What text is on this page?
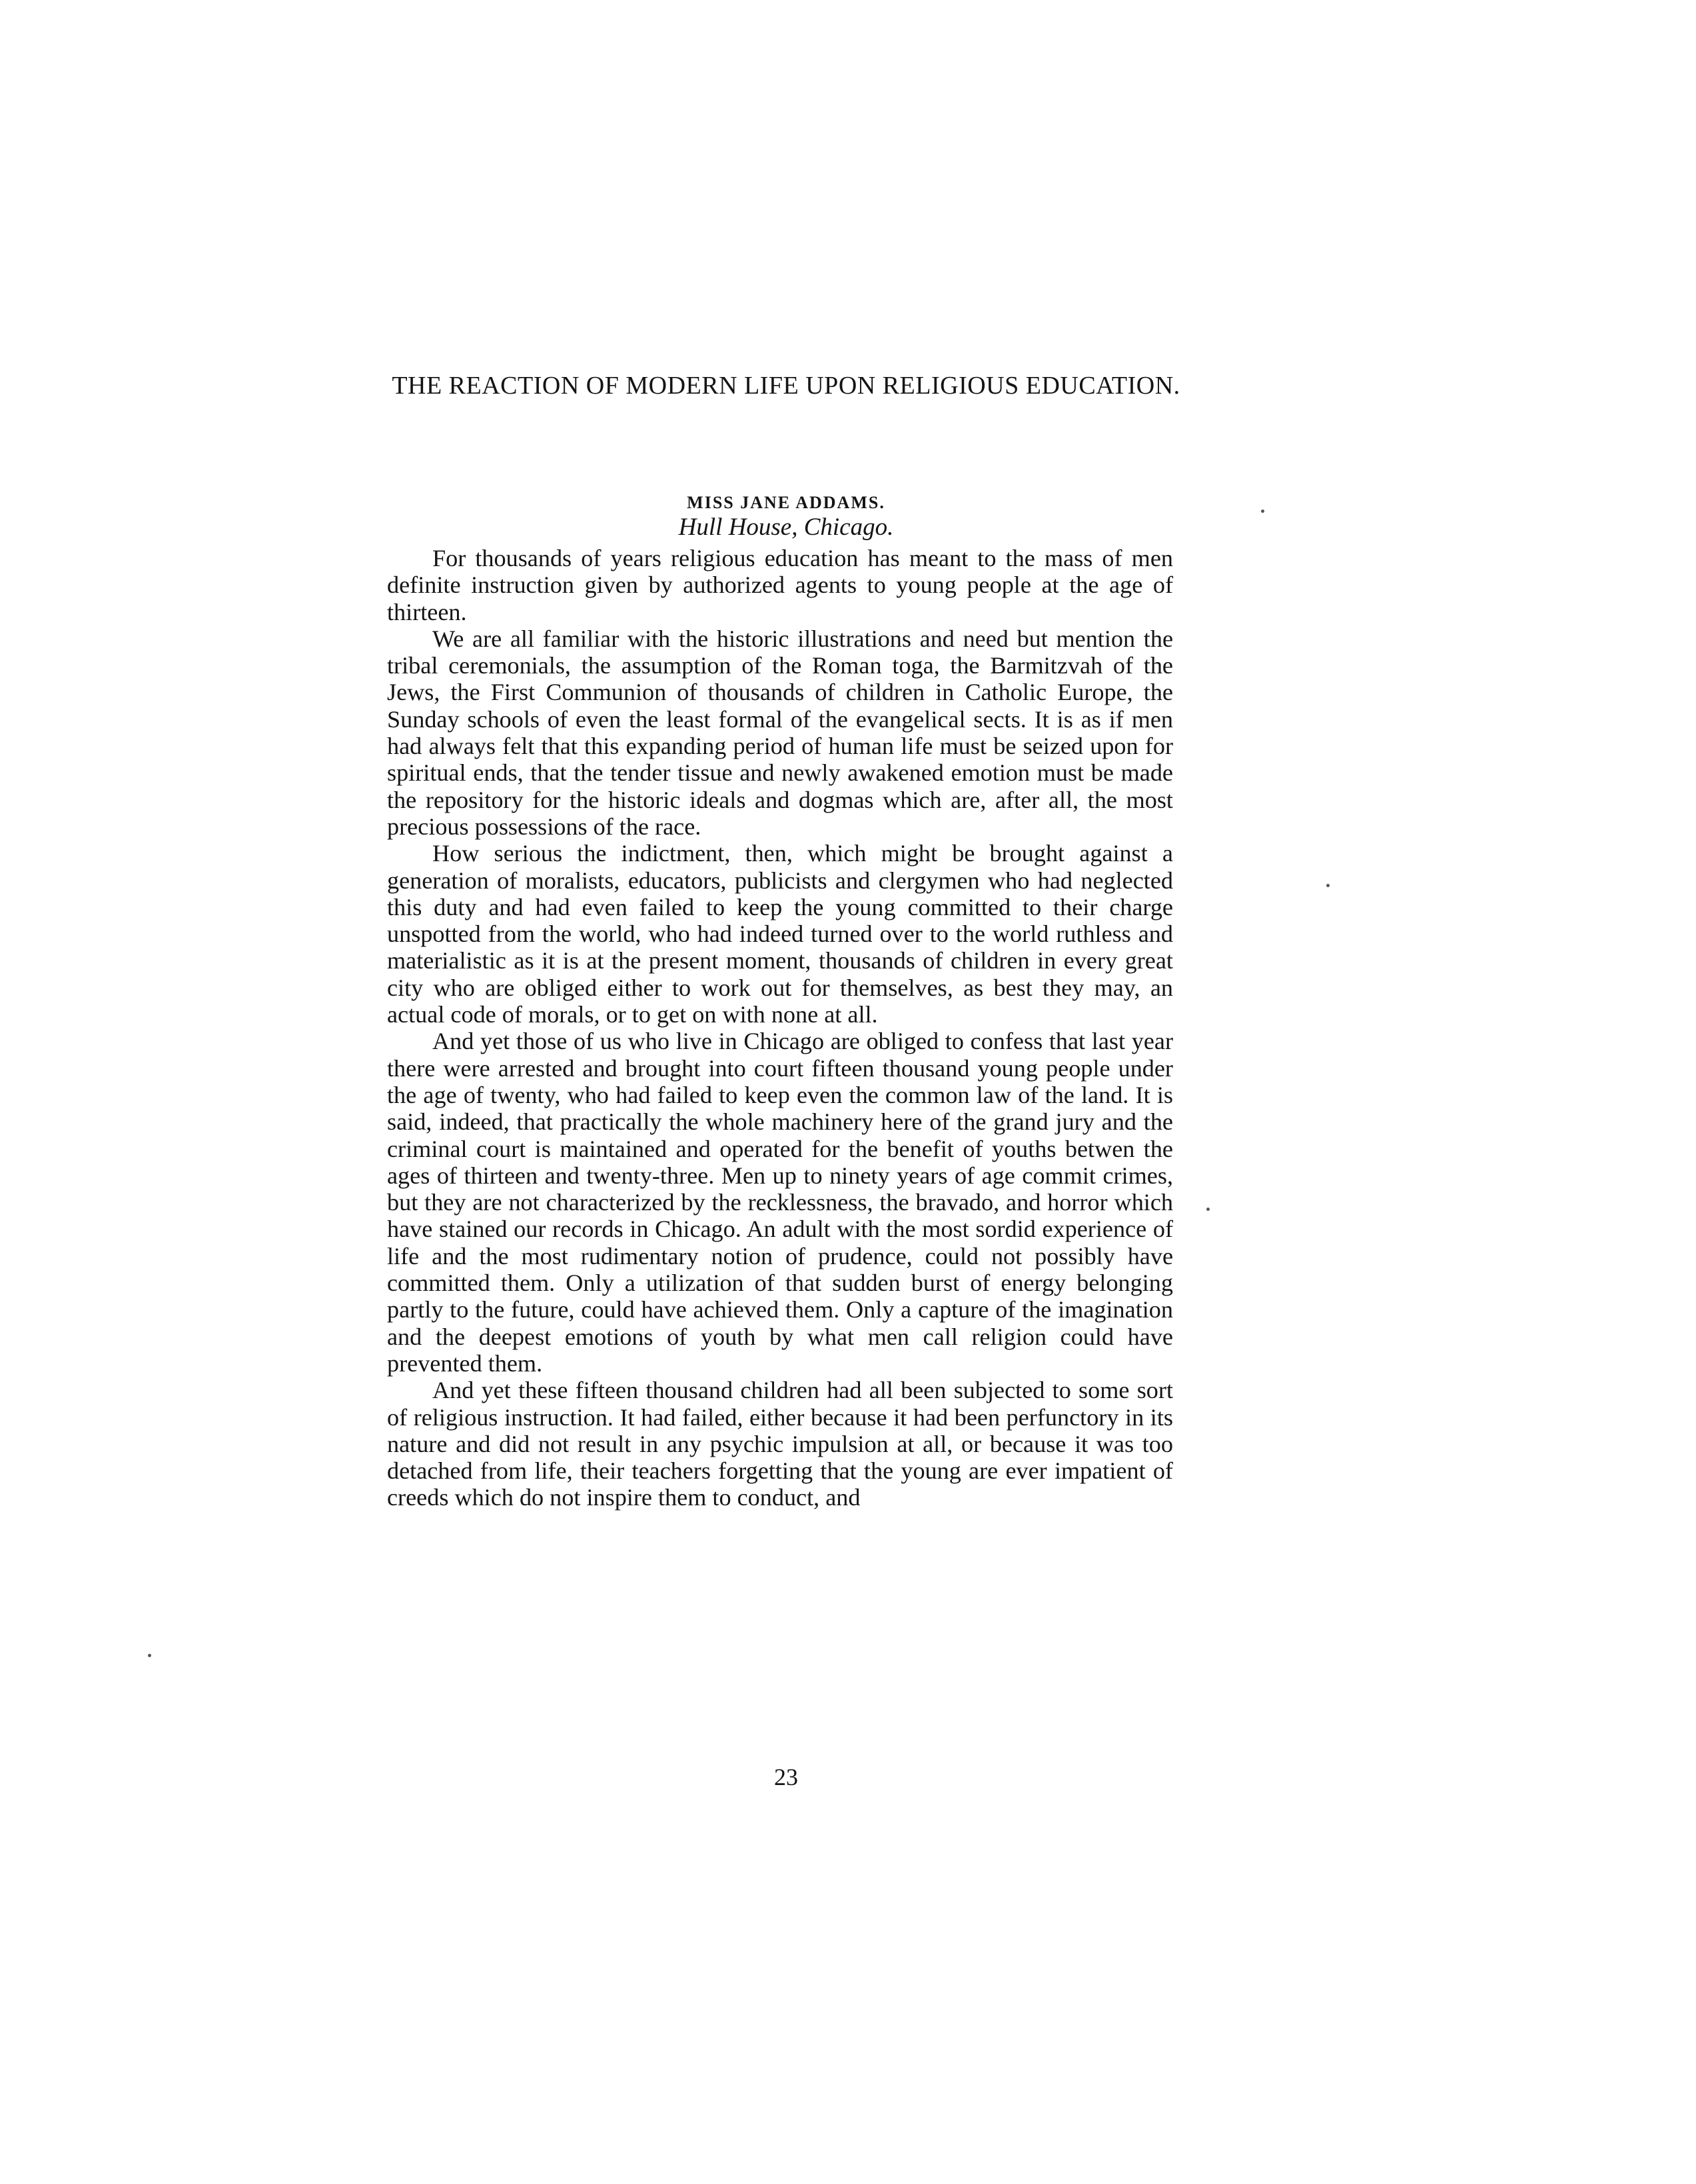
THE REACTION OF MODERN LIFE UPON RELIGIOUS EDUCATION.
MISS JANE ADDAMS.
Hull House, Chicago.

For thousands of years religious education has meant to the mass of men definite instruction given by authorized agents to young people at the age of thirteen.

We are all familiar with the historic illustrations and need but mention the tribal ceremonials, the assumption of the Roman toga, the Barmitzvah of the Jews, the First Communion of thousands of children in Catholic Europe, the Sunday schools of even the least formal of the evangelical sects. It is as if men had always felt that this expanding period of human life must be seized upon for spiritual ends, that the tender tissue and newly awakened emotion must be made the repository for the historic ideals and dogmas which are, after all, the most precious possessions of the race.

How serious the indictment, then, which might be brought against a generation of moralists, educators, publicists and clergymen who had neglected this duty and had even failed to keep the young committed to their charge unspotted from the world, who had indeed turned over to the world ruthless and materialistic as it is at the present moment, thousands of children in every great city who are obliged either to work out for themselves, as best they may, an actual code of morals, or to get on with none at all.

And yet those of us who live in Chicago are obliged to confess that last year there were arrested and brought into court fifteen thousand young people under the age of twenty, who had failed to keep even the common law of the land. It is said, indeed, that practically the whole machinery here of the grand jury and the criminal court is maintained and operated for the benefit of youths betwen the ages of thirteen and twenty-three. Men up to ninety years of age commit crimes, but they are not characterized by the recklessness, the bravado, and horror which have stained our records in Chicago. An adult with the most sordid experience of life and the most rudimentary notion of prudence, could not possibly have committed them. Only a utilization of that sudden burst of energy belonging partly to the future, could have achieved them. Only a capture of the imagination and the deepest emotions of youth by what men call religion could have prevented them.

And yet these fifteen thousand children had all been subjected to some sort of religious instruction. It had failed, either because it had been perfunctory in its nature and did not result in any psychic impulsion at all, or because it was too detached from life, their teachers forgetting that the young are ever impatient of creeds which do not inspire them to conduct, and

23
